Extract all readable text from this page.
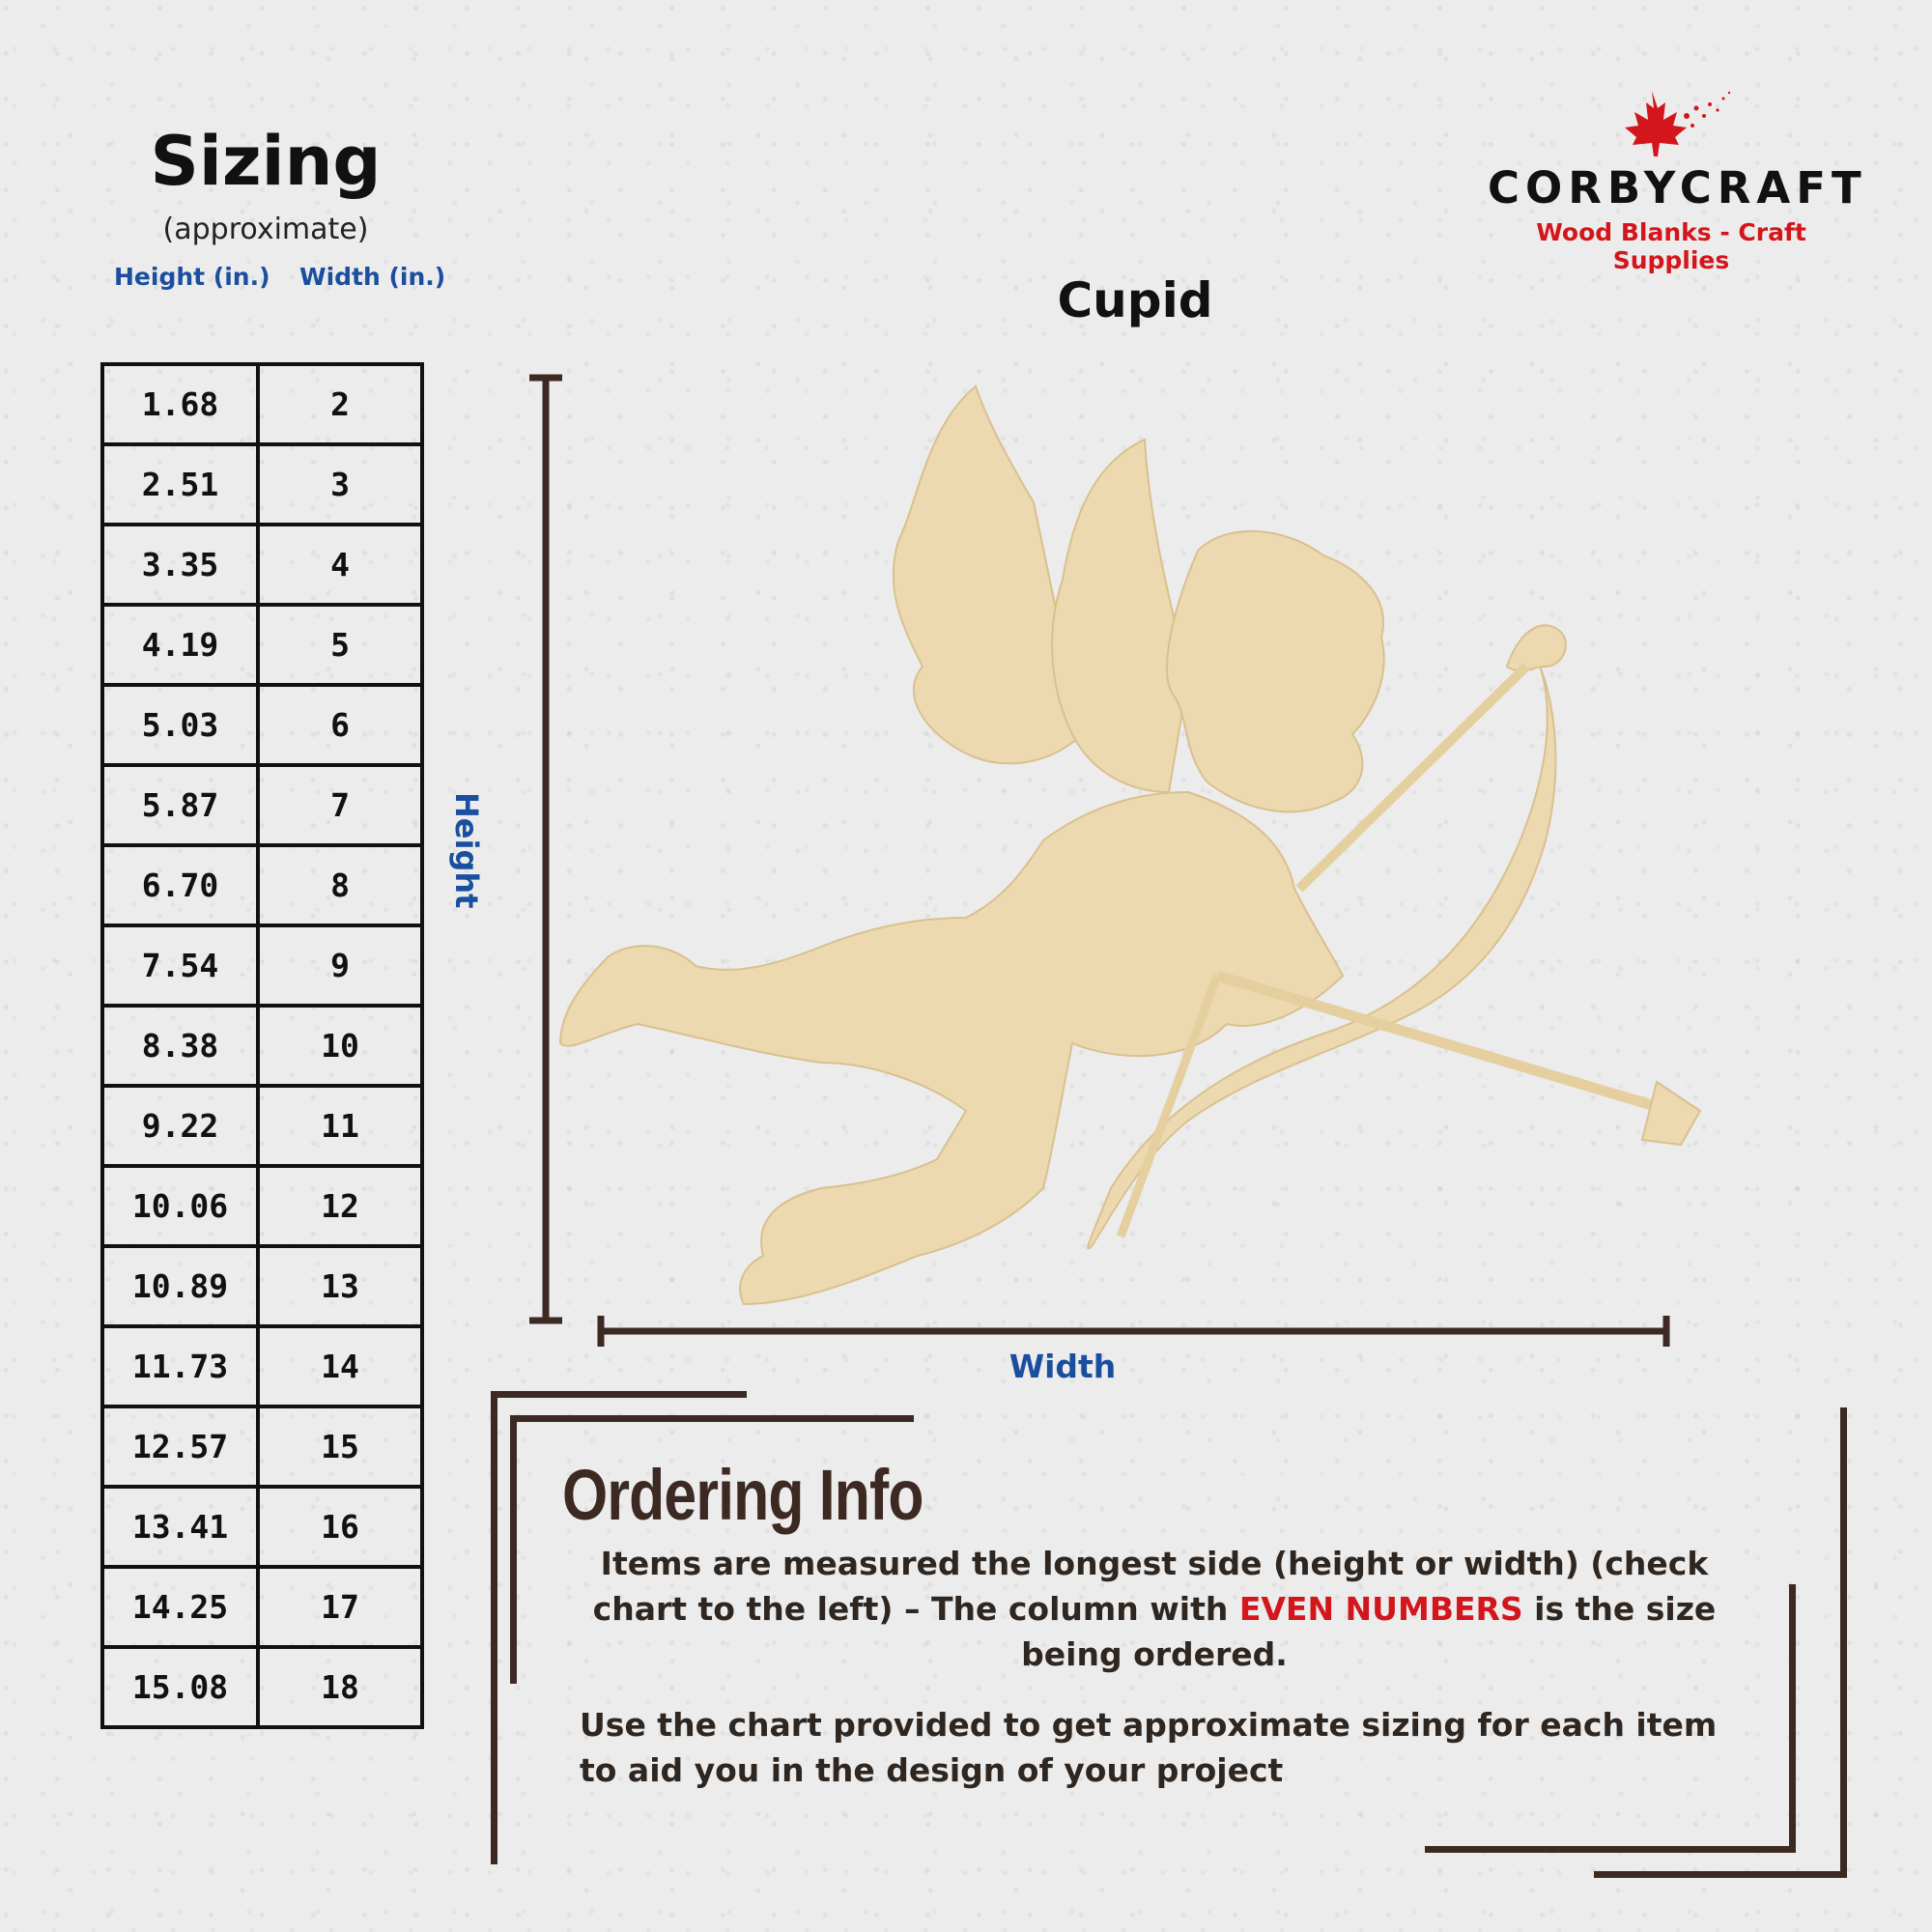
Sizing
(approximate)
Height (in.) Width (in.)
1.68	2
2.51	3
3.35	4
4.19	5
5.03	6
5.87	7
6.70	8
7.54	9
8.38	10
9.22	11
10.06	12
10.89	13
11.73	14
12.57	15
13.41	16
14.25	17
15.08	18
CORBYCRAFT
Wood Blanks - Craft Supplies
Cupid
Height
Width
Ordering Info
Items are measured the longest side (height or width) (check chart to the left) – The column with EVEN NUMBERS is the size being ordered.
Use the chart provided to get approximate sizing for each item to aid you in the design of your project
